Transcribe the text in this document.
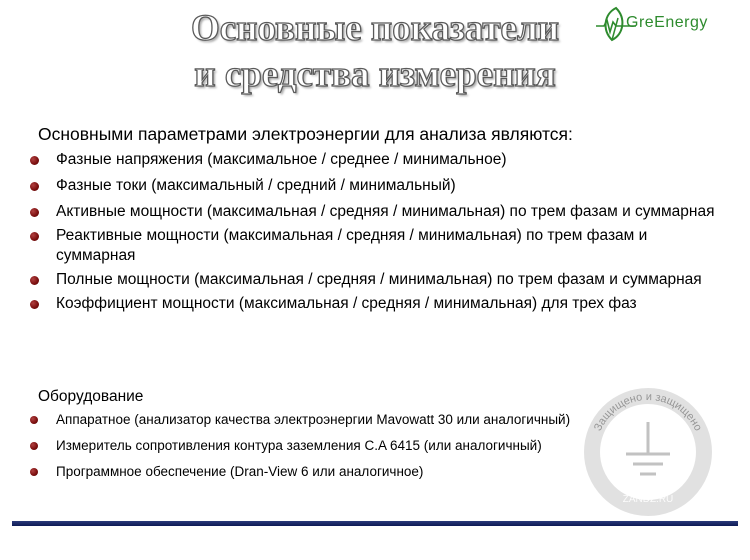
Основные показатели
и средства измерения
GreEnergy
Основными параметрами электроэнергии для анализа являются:
Фазные напряжения (максимальное / среднее / минимальное)
Фазные токи (максимальный / средний / минимальный)
Активные мощности (максимальная / средняя / минимальная) по трем фазам и суммарная
Реактивные мощности (максимальная / средняя / минимальная) по трем фазам и суммарная
Полные мощности (максимальная / средняя / минимальная) по трем фазам и суммарная
Коэффициент мощности (максимальная / средняя / минимальная) для трех фаз
Оборудование
Аппаратное (анализатор качества электроэнергии Mavowatt 30 или аналогичный)
Измеритель сопротивления контура заземления C.A 6415 (или аналогичный)
Программное обеспечение (Dran-View 6 или аналогичное)
Защищено и защищено
ZANDZ.RU
